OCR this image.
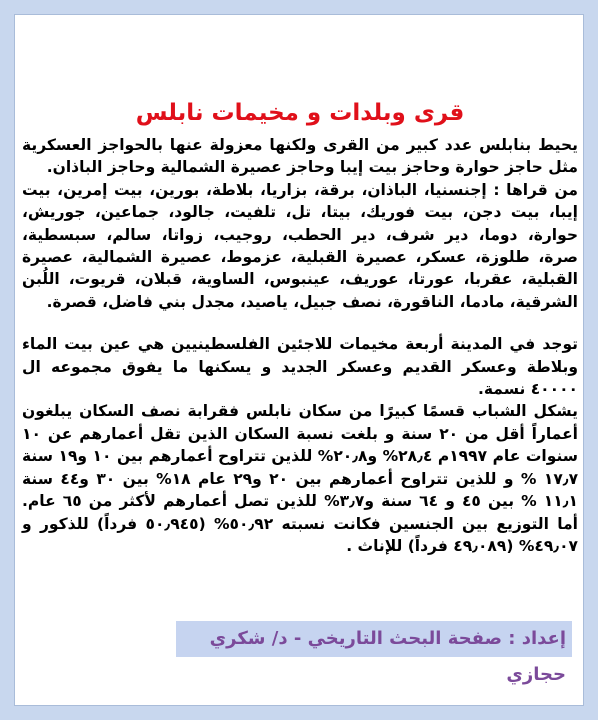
قرى وبلدات و مخيمات نابلس

يحيط بنابلس عدد كبير من القرى ولكنها معزولة عنها بالحواجز العسكرية مثل حاجز حوارة وحاجز بيت إيبا وحاجز عصيرة الشمالية وحاجز الباذان.

من قراها : إجنسنيا، الباذان، برقة، بزاريا، بلاطة، بورين، بيت إمرين، بيت إيبا، بيت دجن، بيت فوريك، بيتا، تل، تلفيت، جالود، جماعين، جوريش، حوارة، دوما، دير شرف، دير الحطب، روجيب، زواتا، سالم، سبسطية، صرة، طلوزة، عسكر، عصيرة القبلية، عزموط، عصيرة الشمالية، عصيرة القبلية، عقربا، عورتا، عوريف، عينبوس، الساوية، قبلان، قريوت، اللُبن الشرقية، مادما، الناقورة، نصف جبيل، ياصيد، مجدل بني فاضل، قصرة.

توجد في المدينة أربعة مخيمات للاجئين الفلسطينيين هي عين بيت الماء وبلاطة وعسكر القديم وعسكر الجديد و يسكنها ما يفوق مجموعه ال ٤٠٠٠٠ نسمة.

يشكل الشباب قسمًا كبيرًا من سكان نابلس فقرابة نصف السكان يبلغون أعماراً أقل من ٢٠ سنة و بلغت نسبة السكان الذين تقل أعمارهم عن ١٠ سنوات عام ١٩٩٧م ٢٨٫٤% و٢٠٫٨% للذين تتراوح أعمارهم بين ١٠ و١٩ سنة ١٧٫٧ % و للذين تتراوح أعمارهم بين ٢٠ و٢٩ عام ١٨% بين ٣٠ و٤٤ سنة ١١٫١ % بين ٤٥ و ٦٤ سنة و٣٫٧% للذين تصل أعمارهم لأكثر من ٦٥ عام. أما التوزيع بين الجنسين فكانت نسبته ٥٠٫٩٢% (٥٠٫٩٤٥ فرداً) للذكور و ٤٩٫٠٧% (٤٩٫٠٨٩ فرداً) للإناث .

إعداد : صفحة البحث التاريخي - د/ شكري حجازي
